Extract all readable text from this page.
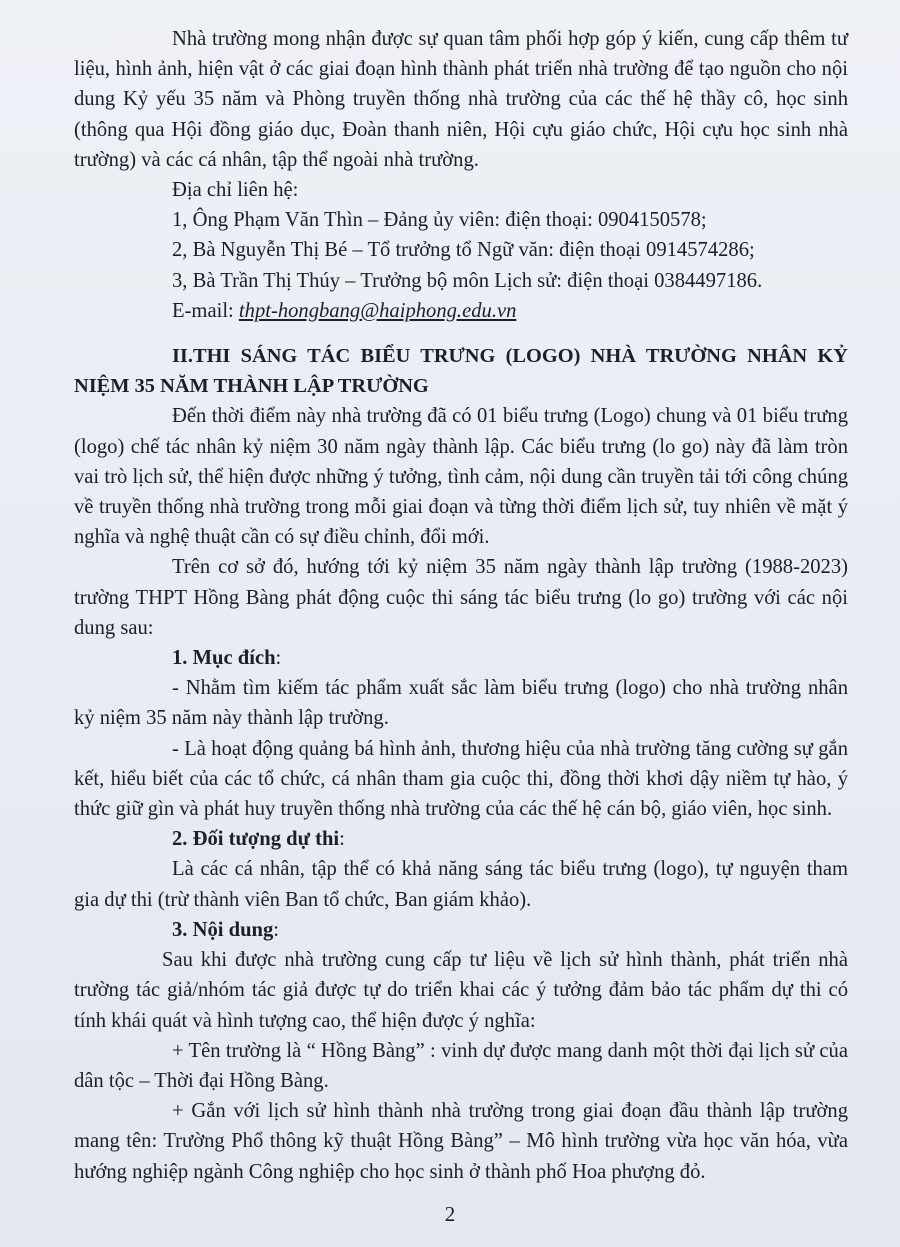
Nhà trường mong nhận được sự quan tâm phối hợp góp ý kiến, cung cấp thêm tư liệu, hình ảnh, hiện vật ở các giai đoạn hình thành phát triển nhà trường để tạo nguồn cho nội dung Kỷ yếu 35 năm và Phòng truyền thống nhà trường của các thế hệ thầy cô, học sinh (thông qua Hội đồng giáo dục, Đoàn thanh niên, Hội cựu giáo chức, Hội cựu học sinh nhà trường) và các cá nhân, tập thể ngoài nhà trường.

Địa chỉ liên hệ:

1, Ông Phạm Văn Thìn – Đảng ủy viên: điện thoại: 0904150578;

2, Bà Nguyễn Thị Bé – Tổ trưởng tổ Ngữ văn: điện thoại 0914574286;

3, Bà Trần Thị Thúy – Trưởng bộ môn Lịch sử: điện thoại 0384497186.

E-mail: thpt-hongbang@haiphong.edu.vn

II.THI SÁNG TÁC BIỂU TRƯNG (LOGO) NHÀ TRƯỜNG NHÂN KỶ NIỆM 35 NĂM THÀNH LẬP TRƯỜNG

Đến thời điểm này nhà trường đã có 01 biểu trưng (Logo) chung và 01 biểu trưng (logo) chế tác nhân kỷ niệm 30 năm ngày thành lập. Các biểu trưng (lo go) này đã làm tròn vai trò lịch sử, thể hiện được những ý tưởng, tình cảm, nội dung cần truyền tải tới công chúng về truyền thống nhà trường trong mỗi giai đoạn và từng thời điểm lịch sử, tuy nhiên về mặt ý nghĩa và nghệ thuật cần có sự điều chỉnh, đổi mới.

Trên cơ sở đó, hướng tới kỷ niệm 35 năm ngày thành lập trường (1988-2023) trường THPT Hồng Bàng phát động cuộc thi sáng tác biểu trưng (lo go) trường với các nội dung sau:

1. Mục đích:

- Nhằm tìm kiếm tác phẩm xuất sắc làm biểu trưng (logo) cho nhà trường nhân kỷ niệm 35 năm này thành lập trường.

- Là hoạt động quảng bá hình ảnh, thương hiệu của nhà trường tăng cường sự gắn kết, hiểu biết của các tổ chức, cá nhân tham gia cuộc thi, đồng thời khơi dậy niềm tự hào, ý thức giữ gìn và phát huy truyền thống nhà trường của các thế hệ cán bộ, giáo viên, học sinh.

2. Đối tượng dự thi:

Là các cá nhân, tập thể có khả năng sáng tác biểu trưng (logo), tự nguyện tham gia dự thi (trừ thành viên Ban tổ chức, Ban giám khảo).

3. Nội dung:

Sau khi được nhà trường cung cấp tư liệu về lịch sử hình thành, phát triển nhà trường tác giả/nhóm tác giả được tự do triển khai các ý tưởng đảm bảo tác phẩm dự thi có tính khái quát và hình tượng cao, thể hiện được ý nghĩa:

+ Tên trường là “ Hồng Bàng” : vinh dự được mang danh một thời đại lịch sử của dân tộc – Thời đại Hồng Bàng.

+ Gắn với lịch sử hình thành nhà trường trong giai đoạn đầu thành lập trường mang tên: Trường Phổ thông kỹ thuật Hồng Bàng” – Mô hình trường vừa học văn hóa, vừa hướng nghiệp ngành Công nghiệp cho học sinh ở thành phố Hoa phượng đỏ.

2
